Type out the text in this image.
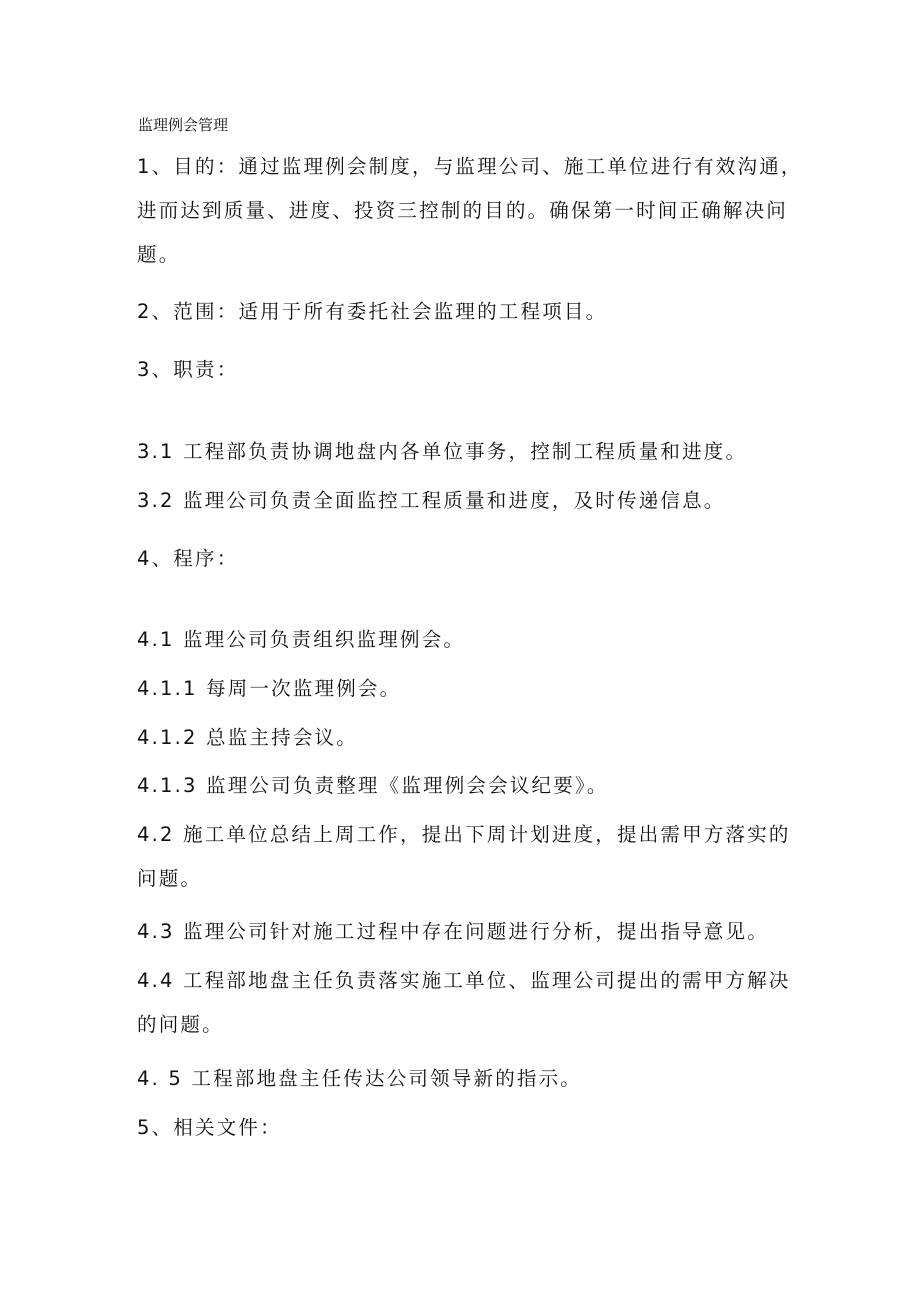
监理例会管理
1、目的：通过监理例会制度，与监理公司、施工单位进行有效沟通，
进而达到质量、进度、投资三控制的目的。确保第一时间正确解决问
题。
2、范围：适用于所有委托社会监理的工程项目。
3、职责：
3.1 工程部负责协调地盘内各单位事务，控制工程质量和进度。
3.2 监理公司负责全面监控工程质量和进度，及时传递信息。
4、程序：
4.1 监理公司负责组织监理例会。
4.1.1 每周一次监理例会。
4.1.2 总监主持会议。
4.1.3 监理公司负责整理《监理例会会议纪要》。
4.2 施工单位总结上周工作，提出下周计划进度，提出需甲方落实的
问题。
4.3 监理公司针对施工过程中存在问题进行分析，提出指导意见。
4.4 工程部地盘主任负责落实施工单位、监理公司提出的需甲方解决
的问题。
4. 5 工程部地盘主任传达公司领导新的指示。
5、相关文件：
